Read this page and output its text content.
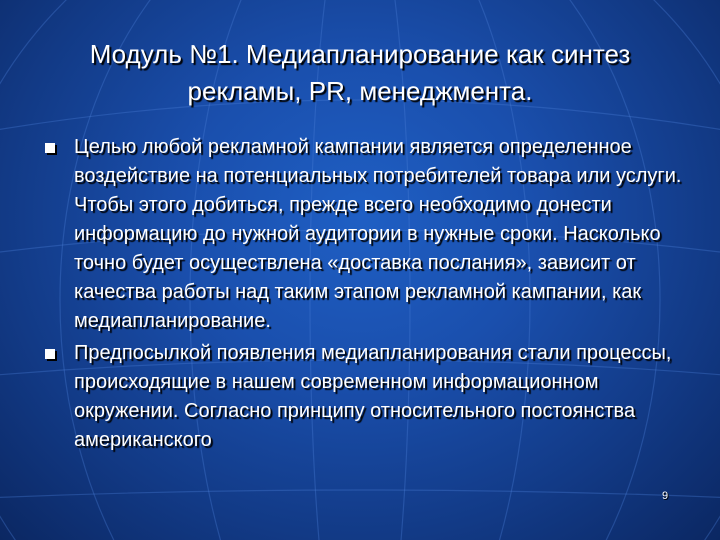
Модуль №1. Медиапланирование как синтез рекламы, PR, менеджмента.
Целью любой рекламной кампании является определенное воздействие на потенциальных потребителей товара или услуги. Чтобы этого добиться, прежде всего необходимо донести информацию до нужной аудитории в нужные сроки. Насколько точно будет осуществлена «доставка послания», зависит от качества работы над таким этапом рекламной кампании, как медиапланирование.
Предпосылкой появления медиапланирования стали процессы, происходящие в нашем современном информационном окружении. Согласно принципу относительного постоянства американского
9
